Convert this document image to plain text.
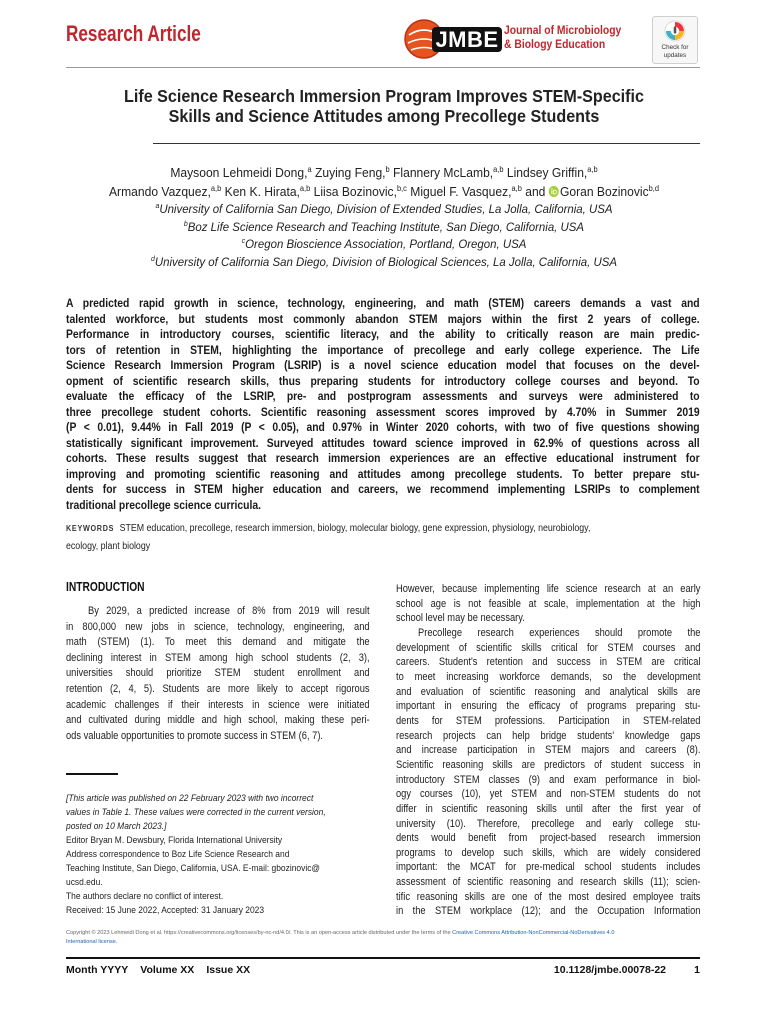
Research Article	JMBE Journal of Microbiology
& Biology Education	Check for
updates
Life Science Research Immersion Program Improves STEM-Specific
Skills and Science Attitudes among Precollege Students
Maysoon Lehmeidi Dong,$^a$ Zuying Feng,$^b$ Flannery McLamb,$^{a,b}$ Lindsey Griffin,$^{a,b}$
Armando Vazquez,$^{a,b}$ Ken K. Hirata,$^{a,b}$ Liisa Bozinovic,$^{b,c}$ Miguel F. Vasquez,$^{a,b}$ and Goran Bozinovic$^{b,d}$
$^a$University of California San Diego, Division of Extended Studies, La Jolla, California, USA
$^b$Boz Life Science Research and Teaching Institute, San Diego, California, USA
$^c$Oregon Bioscience Association, Portland, Oregon, USA
$^d$University of California San Diego, Division of Biological Sciences, La Jolla, California, USA
A predicted rapid growth in science, technology, engineering, and math (STEM) careers demands a vast and
talented workforce, but students most commonly abandon STEM majors within the first 2 years of college.
Performance in introductory courses, scientific literacy, and the ability to critically reason are main predic-
tors of retention in STEM, highlighting the importance of precollege and early college experience. The Life
Science Research Immersion Program (LSRIP) is a novel science education model that focuses on the devel-
opment of scientific research skills, thus preparing students for introductory college courses and beyond. To
evaluate the efficacy of the LSRIP, pre- and postprogram assessments and surveys were administered to
three precollege student cohorts. Scientific reasoning assessment scores improved by 4.70% in Summer 2019
(P < 0.01), 9.44% in Fall 2019 (P < 0.05), and 0.97% in Winter 2020 cohorts, with two of five questions showing
statistically significant improvement. Surveyed attitudes toward science improved in 62.9% of questions across all
cohorts. These results suggest that research immersion experiences are an effective educational instrument for
improving and promoting scientific reasoning and attitudes among precollege students. To better prepare stu-
dents for success in STEM higher education and careers, we recommend implementing LSRIPs to complement
traditional precollege science curricula.
KEYWORDS STEM education, precollege, research immersion, biology, molecular biology, gene expression, physiology, neurobiology,
ecology, plant biology
INTRODUCTION
By 2029, a predicted increase of 8% from 2019 will result
in 800,000 new jobs in science, technology, engineering, and
math (STEM) (1). To meet this demand and mitigate the
declining interest in STEM among high school students (2, 3),
universities should prioritize STEM student enrollment and
retention (2, 4, 5). Students are more likely to accept rigorous
academic challenges if their interests in science were initiated
and cultivated during middle and high school, making these peri-
ods valuable opportunities to promote success in STEM (6, 7).
[This article was published on 22 February 2023 with two incorrect
values in Table 1. These values were corrected in the current version,
posted on 10 March 2023.]
Editor Bryan M. Dewsbury, Florida International University
Address correspondence to Boz Life Science Research and
Teaching Institute, San Diego, California, USA. E-mail: gbozinovic@
ucsd.edu.
The authors declare no conflict of interest.
Received: 15 June 2022, Accepted: 31 January 2023
However, because implementing life science research at an early
school age is not feasible at scale, implementation at the high
school level may be necessary.
Precollege research experiences should promote the
development of scientific skills critical for STEM courses and
careers. Student's retention and success in STEM are critical
to meet increasing workforce demands, so the development
and evaluation of scientific reasoning and analytical skills are
important in ensuring the efficacy of programs preparing stu-
dents for STEM professions. Participation in STEM-related
research projects can help bridge students' knowledge gaps
and increase participation in STEM majors and careers (8).
Scientific reasoning skills are predictors of student success in
introductory STEM classes (9) and exam performance in biol-
ogy courses (10), yet STEM and non-STEM students do not
differ in scientific reasoning skills until after the first year of
university (10). Therefore, precollege and early college stu-
dents would benefit from project-based research immersion
programs to develop such skills, which are widely considered
important: the MCAT for pre-medical school students includes
assessment of scientific reasoning and research skills (11); scien-
tific reasoning skills are one of the most desired employee traits
in the STEM workplace (12); and the Occupation Information
Copyright © 2023 Lehmeidi Dong et al. https://creativecommons.org/licenses/by-nc-nd/4.0/. This is an open-access article distributed under the terms of the Creative Commons Attribution-NonCommercial-NoDerivatives 4.0
International license.
Month YYYY Volume XX Issue XX	10.1128/jmbe.00078-22	1
